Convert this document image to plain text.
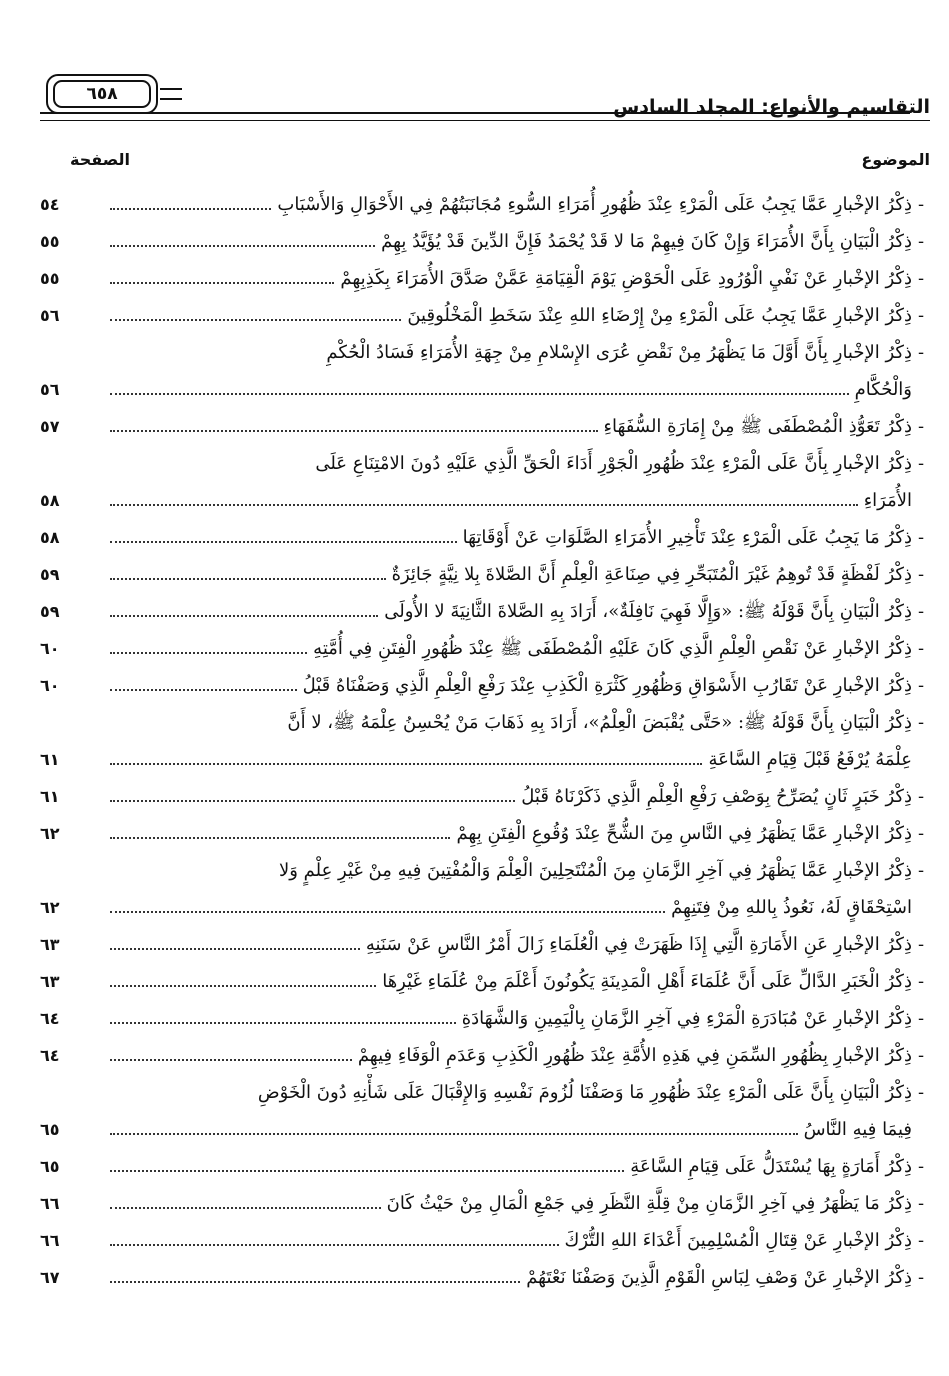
التقاسيم والأنواع: المجلد السادس
٦٥٨
الموضوع
الصفحة
-
ذِكْرُ الإخْبارِ عَمَّا يَجِبُ عَلَى الْمَرْءِ عِنْدَ ظُهُورِ أُمَرَاءِ السُّوءِ مُجَانَبَتُهُمْ فِي الأَحْوَالِ وَالأَسْبَابِ
٥٤
-
ذِكْرُ الْبَيَانِ بِأَنَّ الأُمَرَاءَ وَإِنْ كَانَ فِيهِمْ مَا لا قَدْ يُحْمَدُ فَإِنَّ الدِّينَ قَدْ يُؤَيَّدُ بِهِمْ
٥٥
-
ذِكْرُ الإخْبارِ عَنْ نَفْيِ الْوُرُودِ عَلَى الْحَوْضِ يَوْمَ الْقِيَامَةِ عَمَّنْ صَدَّقَ الأُمَرَاءَ بِكَذِبِهِمْ
٥٥
-
ذِكْرُ الإخْبارِ عَمَّا يَجِبُ عَلَى الْمَرْءِ مِنْ إِرْضَاءِ اللهِ عِنْدَ سَخَطِ الْمَخْلُوقِينَ
٥٦
-
ذِكْرُ الإخْبارِ بِأَنَّ أَوَّلَ مَا يَظْهَرُ مِنْ نَقْضِ عُرَى الإِسْلامِ مِنْ جِهَةِ الأُمَرَاءِ فَسَادُ الْحُكْمِ
وَالْحُكَّامِ
٥٦
-
ذِكْرُ تَعَوُّذِ الْمُصْطَفَى ﷺ مِنْ إِمَارَةِ السُّفَهَاءِ
٥٧
-
ذِكْرُ الإخْبارِ بِأَنَّ عَلَى الْمَرْءِ عِنْدَ ظُهُورِ الْجَوْرِ أَدَاءَ الْحَقِّ الَّذِي عَلَيْهِ دُونَ الامْتِنَاعِ عَلَى
الأُمَرَاءِ
٥٨
-
ذِكْرُ مَا يَجِبُ عَلَى الْمَرْءِ عِنْدَ تَأْخِيرِ الأُمَرَاءِ الصَّلَوَاتِ عَنْ أَوْقَاتِهَا
٥٨
-
ذِكْرُ لَفْظَةٍ قَدْ تُوهِمُ غَيْرَ الْمُتَبَحِّرِ فِي صِنَاعَةِ الْعِلْمِ أَنَّ الصَّلاةَ بِلا نِيَّةٍ جَائِزَةٌ
٥٩
-
ذِكْرُ الْبَيَانِ بِأَنَّ قَوْلَهُ ﷺ: «وَإِلَّا فَهِيَ نَافِلَةٌ»، أَرَادَ بِهِ الصَّلاةَ الثَّانِيَةَ لا الأُولَى
٥٩
-
ذِكْرُ الإخْبارِ عَنْ نَقْصِ الْعِلْمِ الَّذِي كَانَ عَلَيْهِ الْمُصْطَفَى ﷺ عِنْدَ ظُهُورِ الْفِتَنِ فِي أُمَّتِهِ
٦٠
-
ذِكْرُ الإخْبارِ عَنْ تَقَارُبِ الأَسْوَاقِ وَظُهُورِ كَثْرَةِ الْكَذِبِ عِنْدَ رَفْعِ الْعِلْمِ الَّذِي وَصَفْنَاهُ قَبْلُ
٦٠
-
ذِكْرُ الْبَيَانِ بِأَنَّ قَوْلَهُ ﷺ: «حَتَّى يُقْبَضَ الْعِلْمُ»، أَرَادَ بِهِ ذَهَابَ مَنْ يُحْسِنُ عِلْمَهُ ﷺ، لا أَنَّ
عِلْمَهُ يُرْفَعُ قَبْلَ قِيَامِ السَّاعَةِ
٦١
-
ذِكْرُ خَبَرٍ ثَانٍ يُصَرِّحُ بِوَصْفِ رَفْعِ الْعِلْمِ الَّذِي ذَكَرْنَاهُ قَبْلُ
٦١
-
ذِكْرُ الإخْبارِ عَمَّا يَظْهَرُ فِي النَّاسِ مِنَ الشُّحِّ عِنْدَ وُقُوعِ الْفِتَنِ بِهِمْ
٦٢
-
ذِكْرُ الإخْبارِ عَمَّا يَظْهَرُ فِي آخِرِ الزَّمَانِ مِنَ الْمُنْتَحِلِينَ الْعِلْمَ وَالْمُفْتِينَ فِيهِ مِنْ غَيْرِ عِلْمٍ وَلا
اسْتِحْقَاقٍ لَهُ، نَعُوذُ بِاللهِ مِنْ فِتَنِهِمْ
٦٢
-
ذِكْرُ الإخْبارِ عَنِ الأَمَارَةِ الَّتِي إِذَا ظَهَرَتْ فِي الْعُلَمَاءِ زَالَ أَمْرُ النَّاسِ عَنْ سَنَنِهِ
٦٣
-
ذِكْرُ الْخَبَرِ الدَّالِّ عَلَى أَنَّ عُلَمَاءَ أَهْلِ الْمَدِينَةِ يَكُونُونَ أَعْلَمَ مِنْ عُلَمَاءِ غَيْرِهَا
٦٣
-
ذِكْرُ الإخْبارِ عَنْ مُبَادَرَةِ الْمَرْءِ فِي آخِرِ الزَّمَانِ بِالْيَمِينِ وَالشَّهَادَةِ
٦٤
-
ذِكْرُ الإخْبارِ بِظُهُورِ السِّمَنِ فِي هَذِهِ الأُمَّةِ عِنْدَ ظُهُورِ الْكَذِبِ وَعَدَمِ الْوَفَاءِ فِيهِمْ
٦٤
-
ذِكْرُ الْبَيَانِ بِأَنَّ عَلَى الْمَرْءِ عِنْدَ ظُهُورِ مَا وَصَفْنَا لُزُومَ نَفْسِهِ وَالإِقْبَالَ عَلَى شَأْنِهِ دُونَ الْخَوْضِ
فِيمَا فِيهِ النَّاسُ
٦٥
-
ذِكْرُ أَمَارَةٍ بِهَا يُسْتَدَلُّ عَلَى قِيَامِ السَّاعَةِ
٦٥
-
ذِكْرُ مَا يَظْهَرُ فِي آخِرِ الزَّمَانِ مِنْ قِلَّةِ النَّظَرِ فِي جَمْعِ الْمَالِ مِنْ حَيْثُ كَانَ
٦٦
-
ذِكْرُ الإخْبارِ عَنْ قِتَالِ الْمُسْلِمِينَ أَعْدَاءَ اللهِ التُّرْكَ
٦٦
-
ذِكْرُ الإخْبارِ عَنْ وَصْفِ لِبَاسِ الْقَوْمِ الَّذِينَ وَصَفْنَا نَعْتَهُمْ
٦٧
